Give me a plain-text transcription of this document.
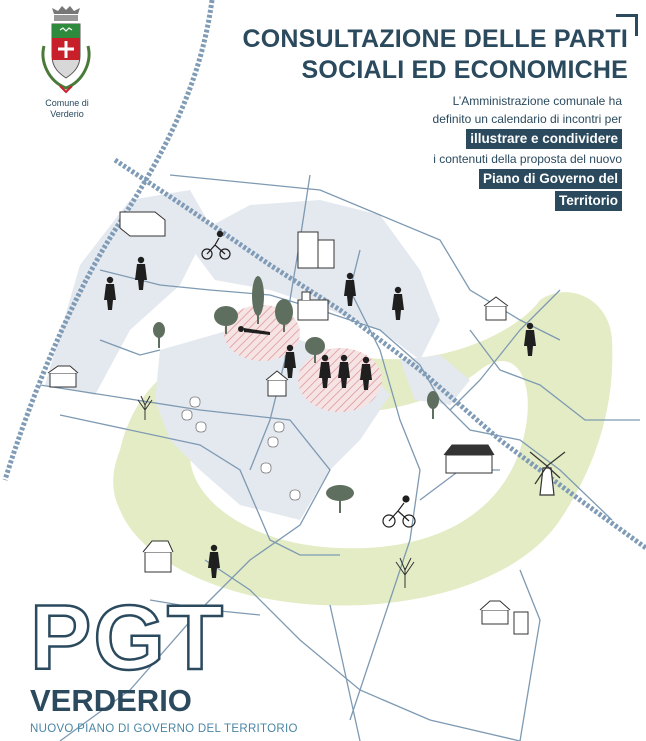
Comune di
Verderio
CONSULTAZIONE DELLE PARTI
SOCIALI ED ECONOMICHE
L’Amministrazione comunale ha
definito un calendario di incontri per
illustrare e condividere
i contenuti della proposta del nuovo
Piano di Governo del
Territorio
PGT
VERDERIO
NUOVO PIANO DI GOVERNO DEL TERRITORIO
